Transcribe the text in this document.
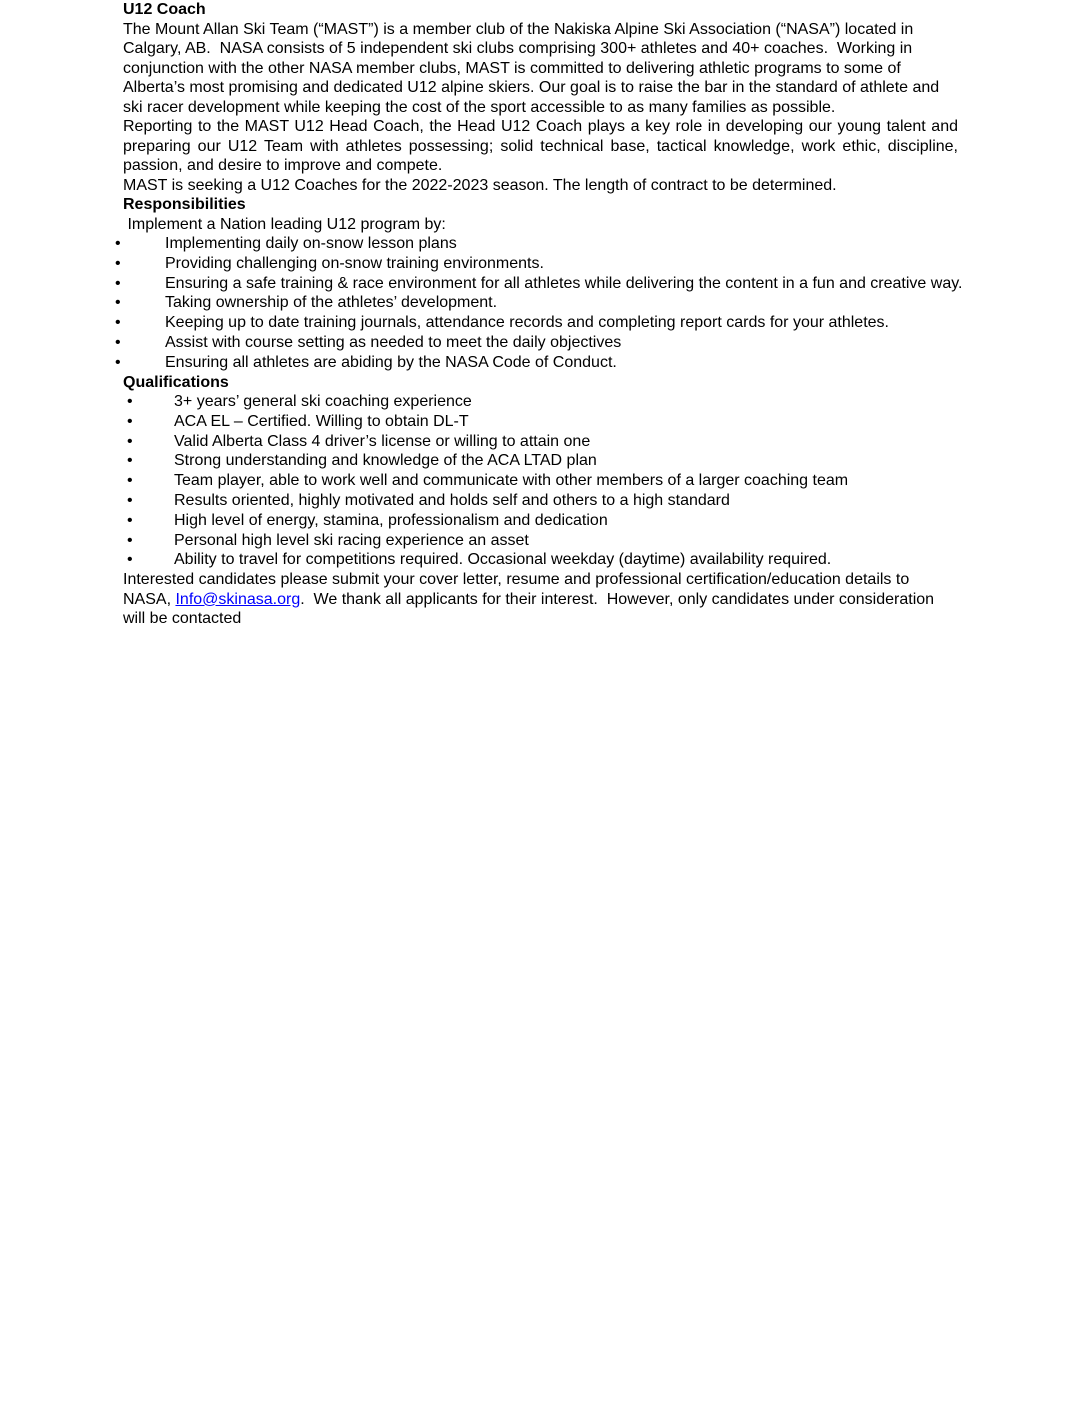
U12 Coach

The Mount Allan Ski Team (“MAST”) is a member club of the Nakiska Alpine Ski Association (“NASA”) located in Calgary, AB.  NASA consists of 5 independent ski clubs comprising 300+ athletes and 40+ coaches.  Working in conjunction with the other NASA member clubs, MAST is committed to delivering athletic programs to some of Alberta’s most promising and dedicated U12 alpine skiers. Our goal is to raise the bar in the standard of athlete and ski racer development while keeping the cost of the sport accessible to as many families as possible.

Reporting to the MAST U12 Head Coach, the Head U12 Coach plays a key role in developing our young talent and preparing our U12 Team with athletes possessing; solid technical base, tactical knowledge, work ethic, discipline, passion, and desire to improve and compete.

MAST is seeking a U12 Coaches for the 2022-2023 season. The length of contract to be determined.

Responsibilities

Implement a Nation leading U12 program by:

• Implementing daily on-snow lesson plans
• Providing challenging on-snow training environments.
• Ensuring a safe training & race environment for all athletes while delivering the content in a fun and creative way.
• Taking ownership of the athletes’ development.
• Keeping up to date training journals, attendance records and completing report cards for your athletes.
• Assist with course setting as needed to meet the daily objectives
• Ensuring all athletes are abiding by the NASA Code of Conduct.
Qualifications
• 3+ years’ general ski coaching experience
• ACA EL – Certified. Willing to obtain DL-T
• Valid Alberta Class 4 driver’s license or willing to attain one
• Strong understanding and knowledge of the ACA LTAD plan
• Team player, able to work well and communicate with other members of a larger coaching team
• Results oriented, highly motivated and holds self and others to a high standard
• High level of energy, stamina, professionalism and dedication
• Personal high level ski racing experience an asset
• Ability to travel for competitions required. Occasional weekday (daytime) availability required.

Interested candidates please submit your cover letter, resume and professional certification/education details to NASA, Info@skinasa.org.  We thank all applicants for their interest.  However, only candidates under consideration will be contacted
